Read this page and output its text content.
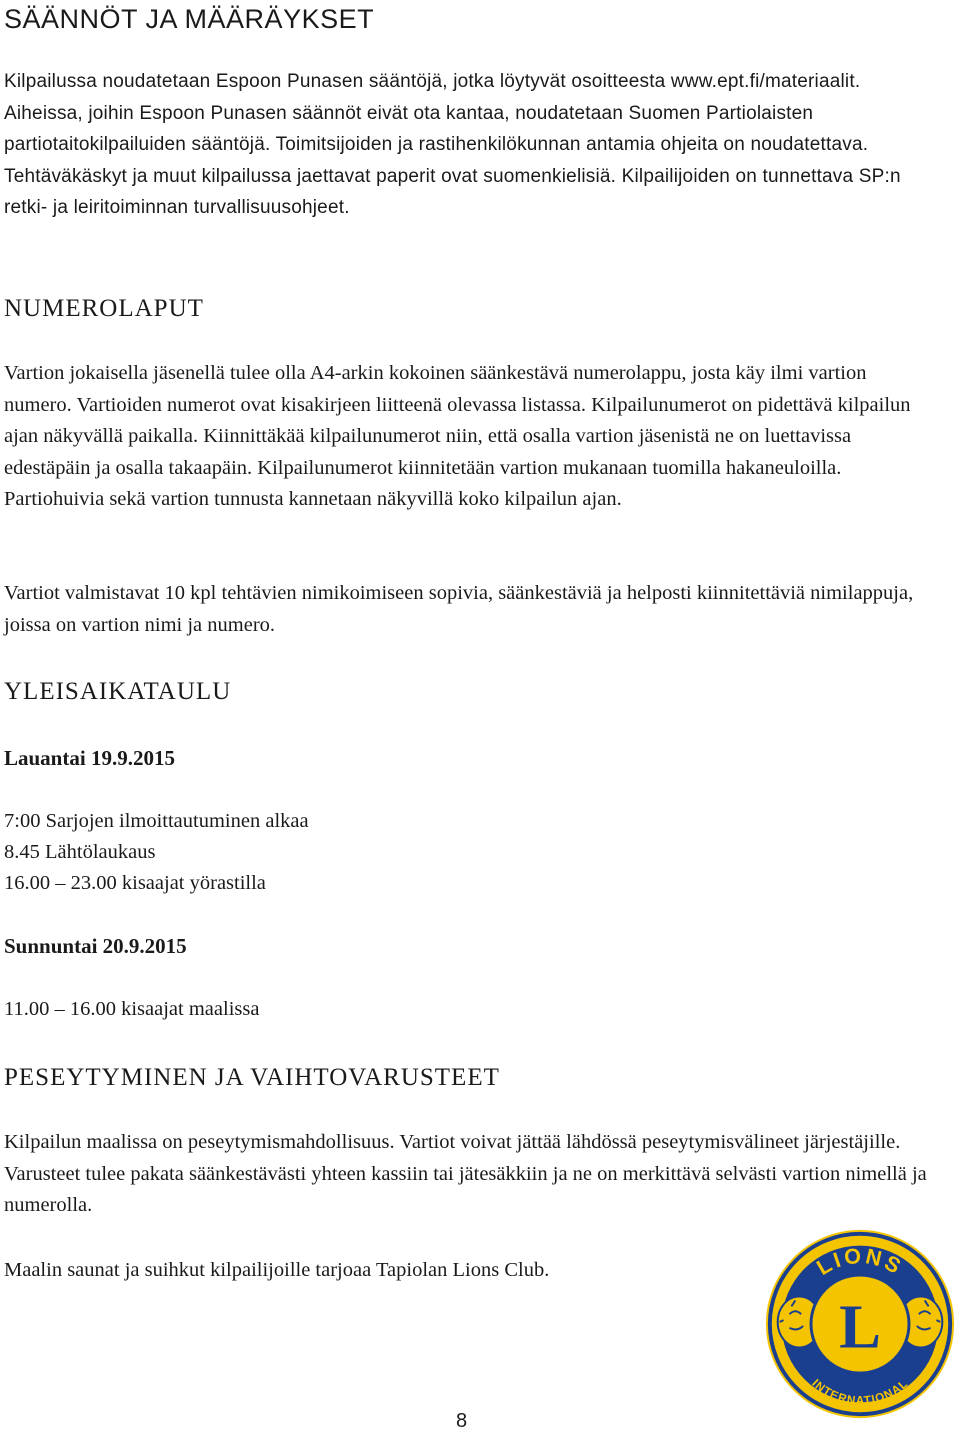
SÄÄNNÖT JA MÄÄRÄYKSET

Kilpailussa noudatetaan Espoon Punasen sääntöjä, jotka löytyvät osoitteesta www.ept.fi/materiaalit. Aiheissa, joihin Espoon Punasen säännöt eivät ota kantaa, noudatetaan Suomen Partiolaisten partiotaitokilpailuiden sääntöjä. Toimitsijoiden ja rastihenkilökunnan antamia ohjeita on noudatettava. Tehtäväkäskyt ja muut kilpailussa jaettavat paperit ovat suomenkielisiä. Kilpailijoiden on tunnettava SP:n retki- ja leiritoiminnan turvallisuusohjeet.

NUMEROLAPUT

Vartion jokaisella jäsenellä tulee olla A4-arkin kokoinen säänkestävä numerolappu, josta käy ilmi vartion numero. Vartioiden numerot ovat kisakirjeen liitteenä olevassa listassa. Kilpailunumerot on pidettävä kilpailun ajan näkyvällä paikalla. Kiinnittäkää kilpailunumerot niin, että osalla vartion jäsenistä ne on luettavissa edestäpäin ja osalla takaapäin. Kilpailunumerot kiinnitetään vartion mukanaan tuomilla hakaneuloilla. Partiohuivia sekä vartion tunnusta kannetaan näkyvillä koko kilpailun ajan.

Vartiot valmistavat 10 kpl tehtävien nimikoimiseen sopivia, säänkestäviä ja helposti kiinnitettäviä nimilappuja, joissa on vartion nimi ja numero.

YLEISAIKATAULU
Lauantai 19.9.2015
7:00 Sarjojen ilmoittautuminen alkaa
8.45 Lähtölaukaus
16.00 – 23.00 kisaajat yörastilla
Sunnuntai 20.9.2015
11.00 – 16.00 kisaajat maalissa
PESEYTYMINEN JA VAIHTOVARUSTEET

Kilpailun maalissa on peseytymismahdollisuus. Vartiot voivat jättää lähdössä peseytymisvälineet järjestäjille. Varusteet tulee pakata säänkestävästi yhteen kassiin tai jätesäkkiin ja ne on merkittävä selvästi vartion nimellä ja numerolla.

Maalin saunat ja suihkut kilpailijoille tarjoaa Tapiolan Lions Club.	LIONS
INTERNATIONAL
L
8
